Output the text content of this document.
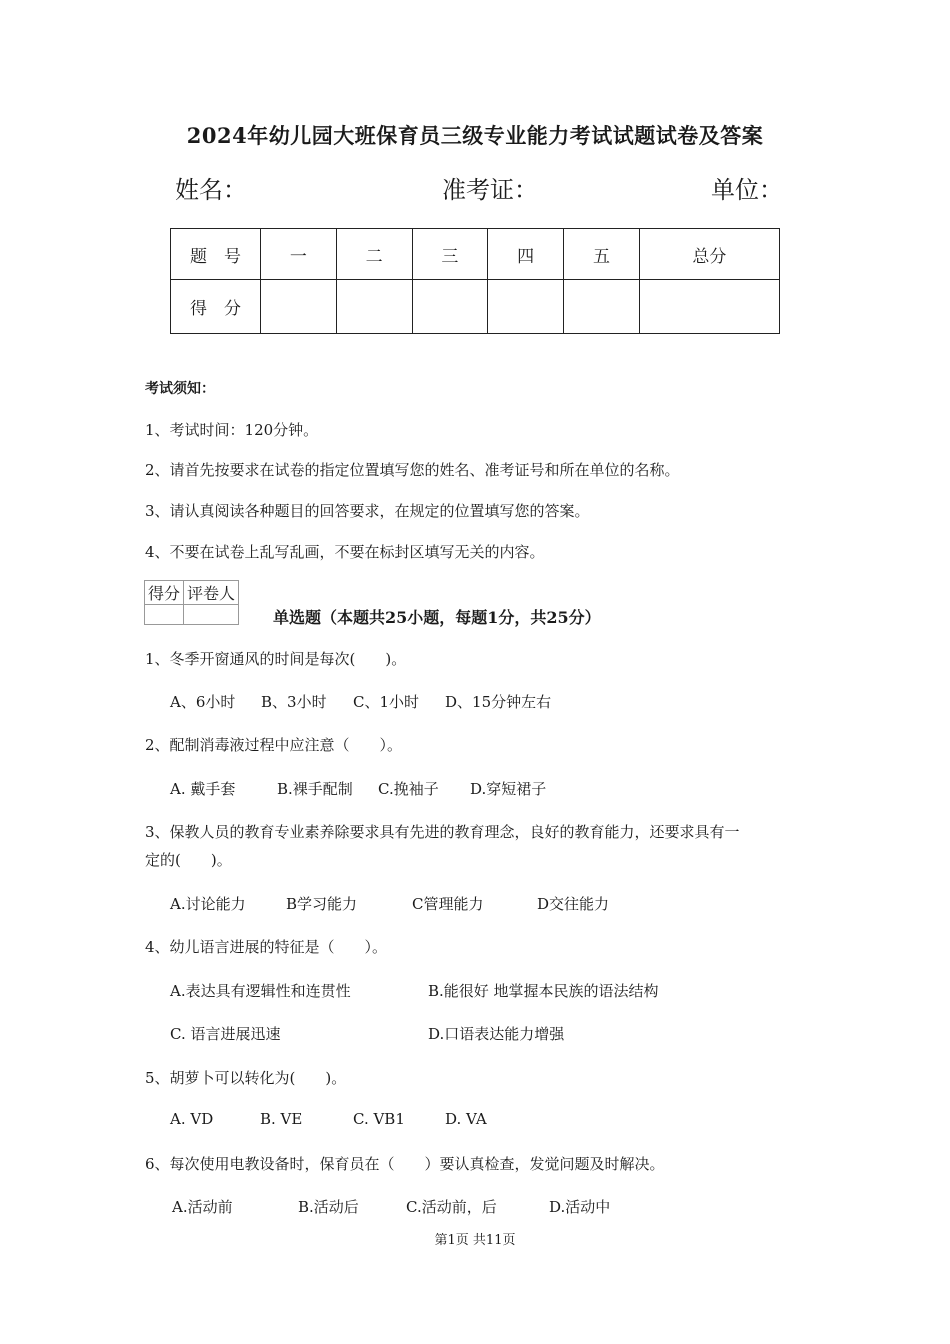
2024年幼儿园大班保育员三级专业能力考试试题试卷及答案
姓名：	准考证：	单位：
题　号	一	二	三	四	五	总分
得　分						
考试须知：
1、考试时间：120分钟。
2、请首先按要求在试卷的指定位置填写您的姓名、准考证号和所在单位的名称。
3、请认真阅读各种题目的回答要求，在规定的位置填写您的答案。
4、不要在试卷上乱写乱画，不要在标封区填写无关的内容。
得分	评卷人

单选题（本题共25小题，每题1分，共25分）
1、冬季开窗通风的时间是每次(　　)。
A、6小时 B、3小时 C、1小时 D、15分钟左右
2、配制消毒液过程中应注意（　　）。
A. 戴手套	B.裸手配制 C.挽袖子 D.穿短裙子
3、保教人员的教育专业素养除要求具有先进的教育理念，良好的教育能力，还要求具有一
定的(　　)。
A.讨论能力	B学习能力	C管理能力	D交往能力
4、幼儿语言进展的特征是（　　）。
A.表达具有逻辑性和连贯性	B.能很好 地掌握本民族的语法结构
C. 语言进展迅速	D.口语表达能力增强
5、胡萝卜可以转化为(　　)。
A. VD	B. VE	C. VB1	D. VA
6、每次使用电教设备时，保育员在（　　）要认真检查，发觉问题及时解决。
A.活动前	B.活动后	C.活动前，后	D.活动中
第1页 共11页
